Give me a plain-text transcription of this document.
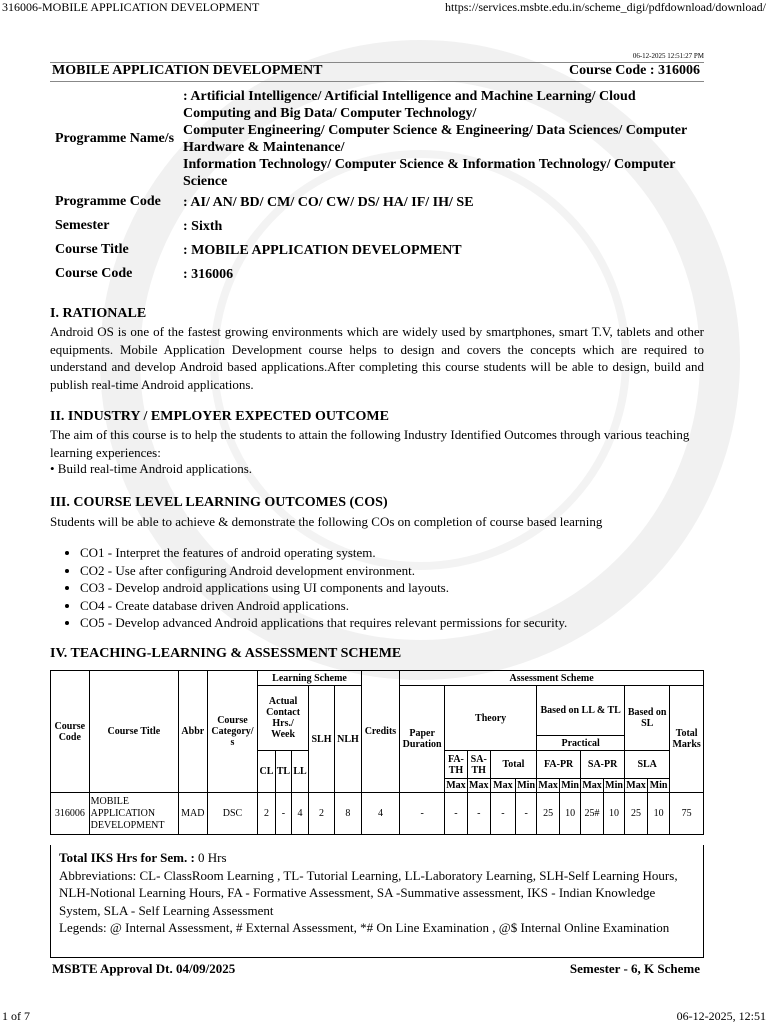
316006-MOBILE APPLICATION DEVELOPMENT	https://services.msbte.edu.in/scheme_digi/pdfdownload/download/
06-12-2025 12:51:27 PM
MOBILE APPLICATION DEVELOPMENT	Course Code : 316006
Programme Name/s
: Artificial Intelligence/ Artificial Intelligence and Machine Learning/ Cloud Computing and Big Data/ Computer Technology/
Computer Engineering/ Computer Science & Engineering/ Data Sciences/ Computer Hardware & Maintenance/
Information Technology/ Computer Science & Information Technology/ Computer Science
Programme Code	: AI/ AN/ BD/ CM/ CO/ CW/ DS/ HA/ IF/ IH/ SE
Semester	: Sixth
Course Title	: MOBILE APPLICATION DEVELOPMENT
Course Code	: 316006
I. RATIONALE
Android OS is one of the fastest growing environments which are widely used by smartphones, smart T.V, tablets and other equipments. Mobile Application Development course helps to design and covers the concepts which are required to understand and develop Android based applications.After completing this course students will be able to design, build and publish real-time Android applications.
II. INDUSTRY / EMPLOYER EXPECTED OUTCOME
The aim of this course is to help the students to attain the following Industry Identified Outcomes through various teaching learning experiences:
• Build real-time Android applications.
III. COURSE LEVEL LEARNING OUTCOMES (COS)
Students will be able to achieve & demonstrate the following COs on completion of course based learning
• CO1 - Interpret the features of android operating system.
• CO2 - Use after configuring Android development environment.
• CO3 - Develop android applications using UI components and layouts.
• CO4 - Create database driven Android applications.
• CO5 - Develop advanced Android applications that requires relevant permissions for security.
IV. TEACHING-LEARNING & ASSESSMENT SCHEME
Course Code	Course Title	Abbr	Course Category/ s	Learning Scheme					Credits	Assessment Scheme											
				Actual Contact Hrs./ Week			SLH	NLH		Paper Duration	Theory				Based on LL & TL				Based on SL		Total Marks

															Practical						
				CL	TL	LL					FA- TH	SA- TH	Total		FA-PR		SA-PR		SLA		
											Max	Max	Max	Min	Max	Min	Max	Min	Max	Min	
316006	MOBILE APPLICATION DEVELOPMENT	MAD	DSC	2	-	4	2	8	4	-	-	-	-	-	25	10	25#	10	25	10	75
Total IKS Hrs for Sem. : 0 Hrs
Abbreviations: CL- ClassRoom Learning , TL- Tutorial Learning, LL-Laboratory Learning, SLH-Self Learning Hours, NLH-Notional Learning Hours, FA - Formative Assessment, SA -Summative assessment, IKS - Indian Knowledge System, SLA - Self Learning Assessment
Legends: @ Internal Assessment, # External Assessment, *# On Line Examination , @$ Internal Online Examination
MSBTE Approval Dt. 04/09/2025	Semester - 6, K Scheme
1 of 7	06-12-2025, 12:51
